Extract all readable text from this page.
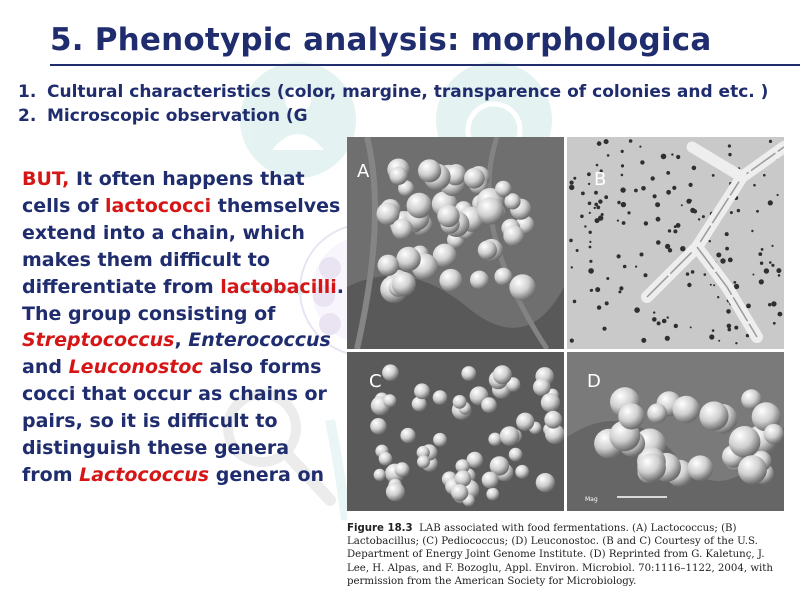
5. Phenotypic analysis: morphologica
1. Cultural characteristics (color, margine, transparence of colonies and etc. )
2. Microscopic observation (G

BUT, It often happens that cells of lactococci themselves extend into a chain, which makes them difficult to differentiate from lactobacilli. The group consisting of Streptococcus, Enterococcus and Leuconostoc also forms cocci that occur as chains or pairs, so it is difficult to distinguish these genera from Lactococcus genera on

A	B
C	D
Mag

Figure 18.3 LAB associated with food fermentations. (A) Lactococcus; (B) Lactobacillus; (C) Pediococcus; (D) Leuconostoc. (B and C) Courtesy of the U.S. Department of Energy Joint Genome Institute. (D) Reprinted from G. Kaletunç, J. Lee, H. Alpas, and F. Bozoglu, Appl. Environ. Microbiol. 70:1116–1122, 2004, with permission from the American Society for Microbiology.
